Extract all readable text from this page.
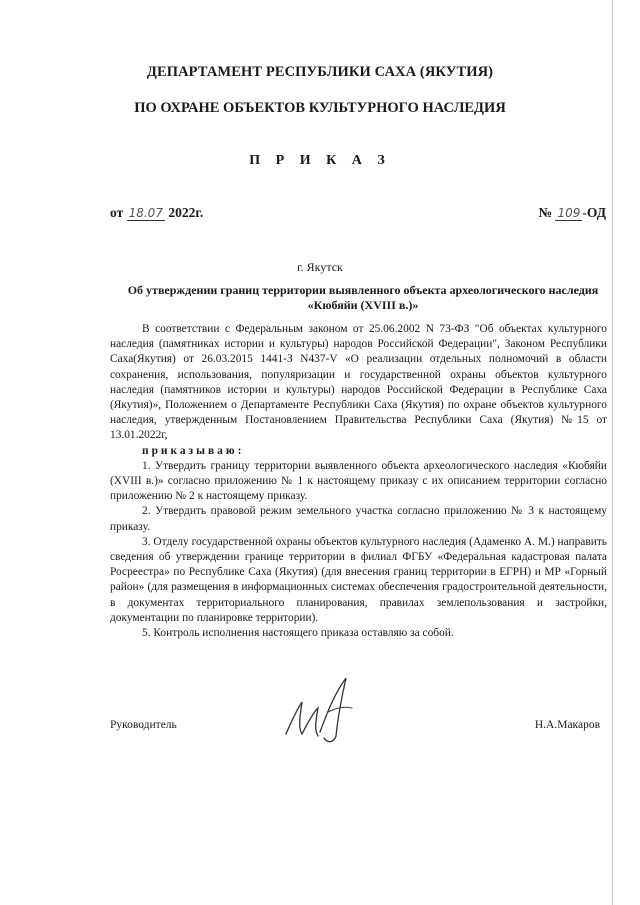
ДЕПАРТАМЕНТ РЕСПУБЛИКИ САХА (ЯКУТИЯ)
ПО ОХРАНЕ ОБЪЕКТОВ КУЛЬТУРНОГО НАСЛЕДИЯ
П Р И К А З
от 18.07 2022г.	№ 109 -ОД
г. Якутск
Об утверждении границ территории выявленного объекта археологического наследия «Кюбяйи (XVIII в.)»

В соответствии с Федеральным законом от 25.06.2002 N 73-ФЗ "Об объектах культурного наследия (памятниках истории и культуры) народов Российской Федерации", Законом Республики Саха(Якутия) от 26.03.2015 1441-З N437-V «О реализации отдельных полномочий в области сохранения, использования, популяризации и государственной охраны объектов культурного наследия (памятников истории и культуры) народов Российской Федерации в Республике Саха (Якутия)», Положением о Департаменте Республики Саха (Якутия) по охране объектов культурного наследия, утвержденным Постановлением Правительства Республики Саха (Якутия) №15 от 13.01.2022г,

приказываю:

1. Утвердить границу территории выявленного объекта археологического наследия «Кюбяйи (XVIII в.)» согласно приложению № 1 к настоящему приказу с их описанием территории согласно приложению № 2 к настоящему приказу.

2. Утвердить правовой режим земельного участка согласно приложению № 3 к настоящему приказу.

3. Отделу государственной охраны объектов культурного наследия (Адаменко А. М.) направить сведения об утверждении границе территории в филиал ФГБУ «Федеральная кадастровая палата Росреестра» по Республике Саха (Якутия) (для внесения границ территории в ЕГРН) и МР «Горный район» (для размещения в информационных системах обеспечения градостроительной деятельности, в документах территориального планирования, правилах землепользования и застройки, документации по планировке территории).

5. Контроль исполнения настоящего приказа оставляю за собой.

Руководитель	Н.А.Макаров
